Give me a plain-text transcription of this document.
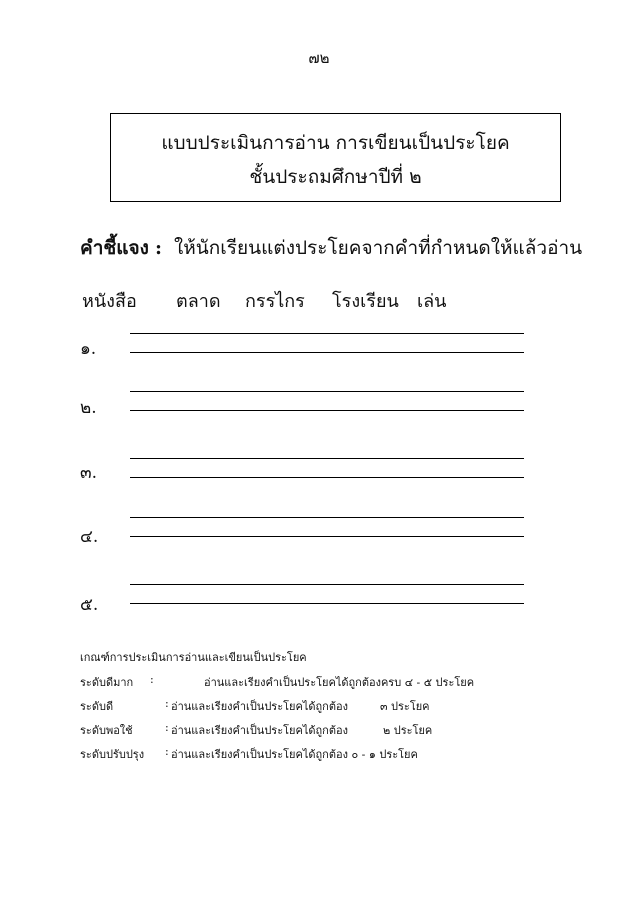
๗๒
แบบประเมินการอ่าน การเขียนเป็นประโยค
ชั้นประถมศึกษาปีที่ ๒
คำชี้แจง : ให้นักเรียนแต่งประโยคจากคำที่กำหนดให้แล้วอ่าน
หนังสือ ตลาด กรรไกร โรงเรียน เล่น
๑.
๒.
๓.
๔.
๕.
เกณฑ์การประเมินการอ่านและเขียนเป็นประโยค
ระดับดีมาก :	อ่านและเรียงคำเป็นประโยคได้ถูกต้องครบ ๔ - ๕ ประโยค
ระดับดี	: อ่านและเรียงคำเป็นประโยคได้ถูกต้อง	๓ ประโยค
ระดับพอใช้	: อ่านและเรียงคำเป็นประโยคได้ถูกต้อง	๒ ประโยค
ระดับปรับปรุง : อ่านและเรียงคำเป็นประโยคได้ถูกต้อง ๐ - ๑ ประโยค
